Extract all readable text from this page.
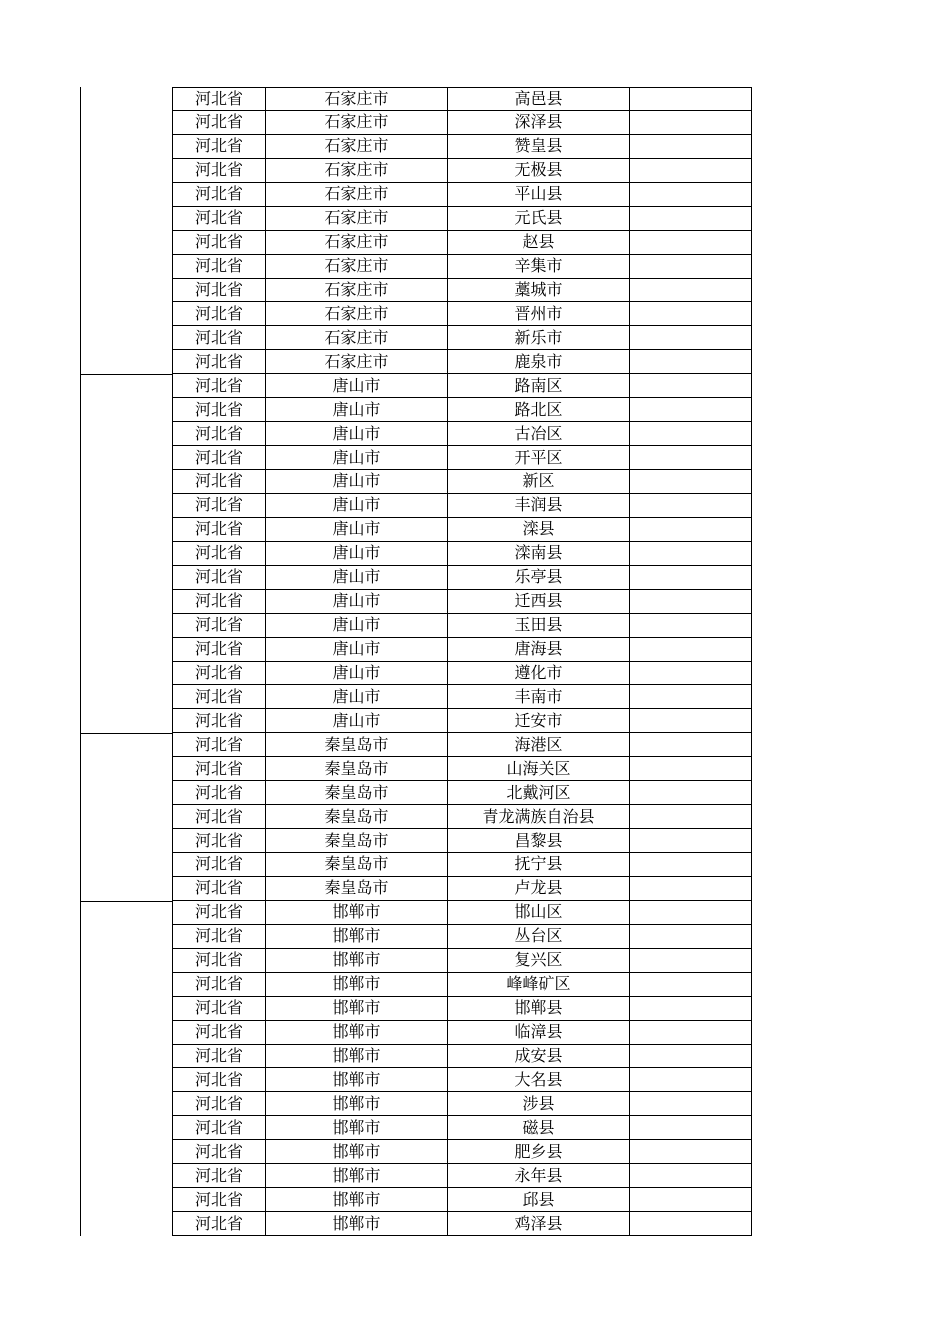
河北省	石家庄市	高邑县
河北省	石家庄市	深泽县
河北省	石家庄市	赞皇县
河北省	石家庄市	无极县
河北省	石家庄市	平山县
河北省	石家庄市	元氏县
河北省	石家庄市	赵县
河北省	石家庄市	辛集市
河北省	石家庄市	藁城市
河北省	石家庄市	晋州市
河北省	石家庄市	新乐市
河北省	石家庄市	鹿泉市
河北省	唐山市	路南区
河北省	唐山市	路北区
河北省	唐山市	古冶区
河北省	唐山市	开平区
河北省	唐山市	新区
河北省	唐山市	丰润县
河北省	唐山市	滦县
河北省	唐山市	滦南县
河北省	唐山市	乐亭县
河北省	唐山市	迁西县
河北省	唐山市	玉田县
河北省	唐山市	唐海县
河北省	唐山市	遵化市
河北省	唐山市	丰南市
河北省	唐山市	迁安市
河北省	秦皇岛市	海港区
河北省	秦皇岛市	山海关区
河北省	秦皇岛市	北戴河区
河北省	秦皇岛市	青龙满族自治县
河北省	秦皇岛市	昌黎县
河北省	秦皇岛市	抚宁县
河北省	秦皇岛市	卢龙县
河北省	邯郸市	邯山区
河北省	邯郸市	丛台区
河北省	邯郸市	复兴区
河北省	邯郸市	峰峰矿区
河北省	邯郸市	邯郸县
河北省	邯郸市	临漳县
河北省	邯郸市	成安县
河北省	邯郸市	大名县
河北省	邯郸市	涉县
河北省	邯郸市	磁县
河北省	邯郸市	肥乡县
河北省	邯郸市	永年县
河北省	邯郸市	邱县
河北省	邯郸市	鸡泽县
